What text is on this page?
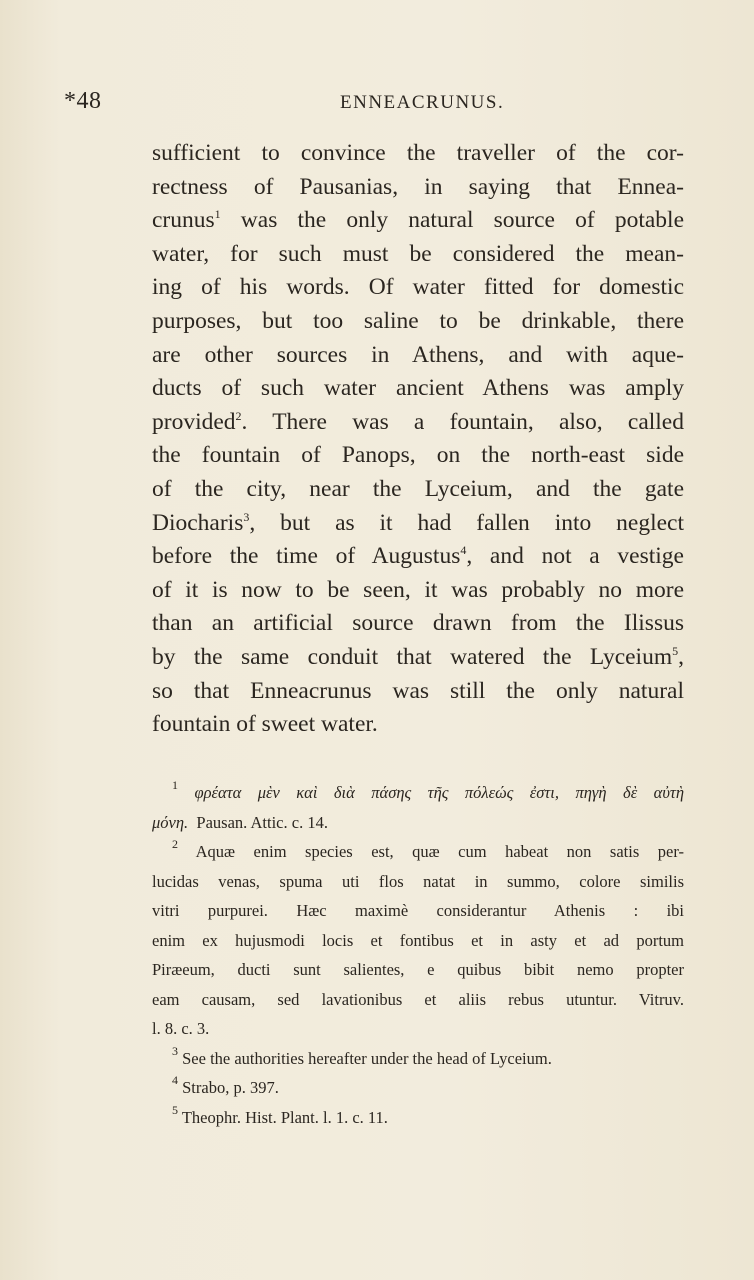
*48	ENNEACRUNUS.
sufficient to convince the traveller of the cor-
rectness of Pausanias, in saying that Ennea-
crunus$^1$ was the only natural source of potable
water, for such must be considered the mean-
ing of his words. Of water fitted for domestic
purposes, but too saline to be drinkable, there
are other sources in Athens, and with aque-
ducts of such water ancient Athens was amply
provided$^2$. There was a fountain, also, called
the fountain of Panops, on the north-east side
of the city, near the Lyceium, and the gate
Diocharis$^3$, but as it had fallen into neglect
before the time of Augustus$^4$, and not a vestige
of it is now to be seen, it was probably no more
than an artificial source drawn from the Ilissus
by the same conduit that watered the Lyceium$^5$,
so that Enneacrunus was still the only natural
fountain of sweet water.
$^1$ φρέατα μὲν καὶ διὰ πάσης τῆς πόλεώς ἐστι, πηγὴ δὲ αὐτὴ
μόνη. Pausan. Attic. c. 14.
$^2$ Aquæ enim species est, quæ cum habeat non satis per-
lucidas venas, spuma uti flos natat in summo, colore similis
vitri purpurei. Hæc maximè considerantur Athenis : ibi
enim ex hujusmodi locis et fontibus et in asty et ad portum
Piræeum, ducti sunt salientes, e quibus bibit nemo propter
eam causam, sed lavationibus et aliis rebus utuntur. Vitruv.
l. 8. c. 3.
$^3$ See the authorities hereafter under the head of Lyceium.
$^4$ Strabo, p. 397.
$^5$ Theophr. Hist. Plant. l. 1. c. 11.
